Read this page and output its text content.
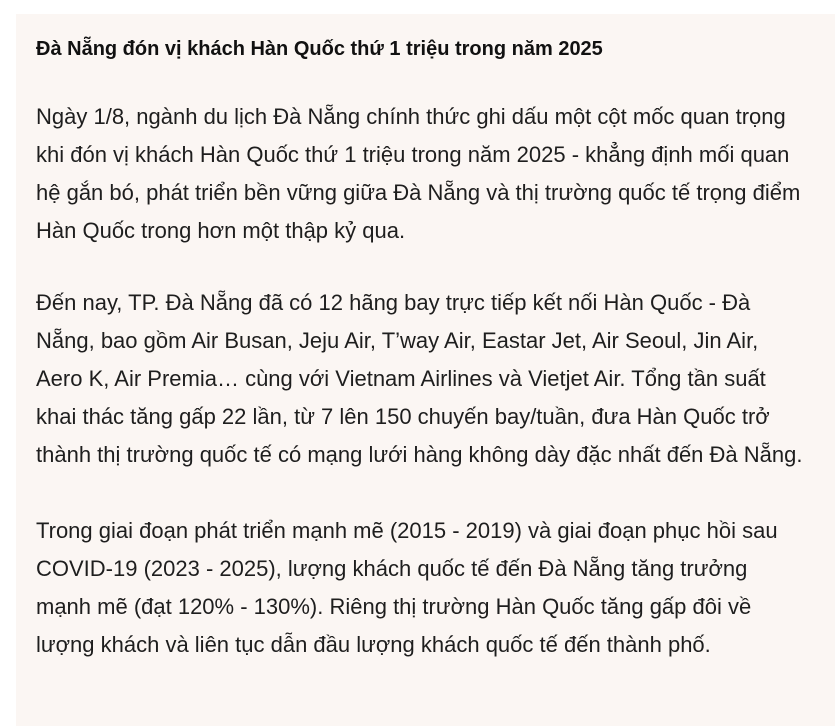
Đà Nẵng đón vị khách Hàn Quốc thứ 1 triệu trong năm 2025

Ngày 1/8, ngành du lịch Đà Nẵng chính thức ghi dấu một cột mốc quan trọng khi đón vị khách Hàn Quốc thứ 1 triệu trong năm 2025 - khẳng định mối quan hệ gắn bó, phát triển bền vững giữa Đà Nẵng và thị trường quốc tế trọng điểm Hàn Quốc trong hơn một thập kỷ qua.

Đến nay, TP. Đà Nẵng đã có 12 hãng bay trực tiếp kết nối Hàn Quốc - Đà Nẵng, bao gồm Air Busan, Jeju Air, T’way Air, Eastar Jet, Air Seoul, Jin Air, Aero K, Air Premia… cùng với Vietnam Airlines và Vietjet Air. Tổng tần suất khai thác tăng gấp 22 lần, từ 7 lên 150 chuyến bay/tuần, đưa Hàn Quốc trở thành thị trường quốc tế có mạng lưới hàng không dày đặc nhất đến Đà Nẵng.

Trong giai đoạn phát triển mạnh mẽ (2015 - 2019) và giai đoạn phục hồi sau COVID-19 (2023 - 2025), lượng khách quốc tế đến Đà Nẵng tăng trưởng mạnh mẽ (đạt 120% - 130%). Riêng thị trường Hàn Quốc tăng gấp đôi về lượng khách và liên tục dẫn đầu lượng khách quốc tế đến thành phố.
